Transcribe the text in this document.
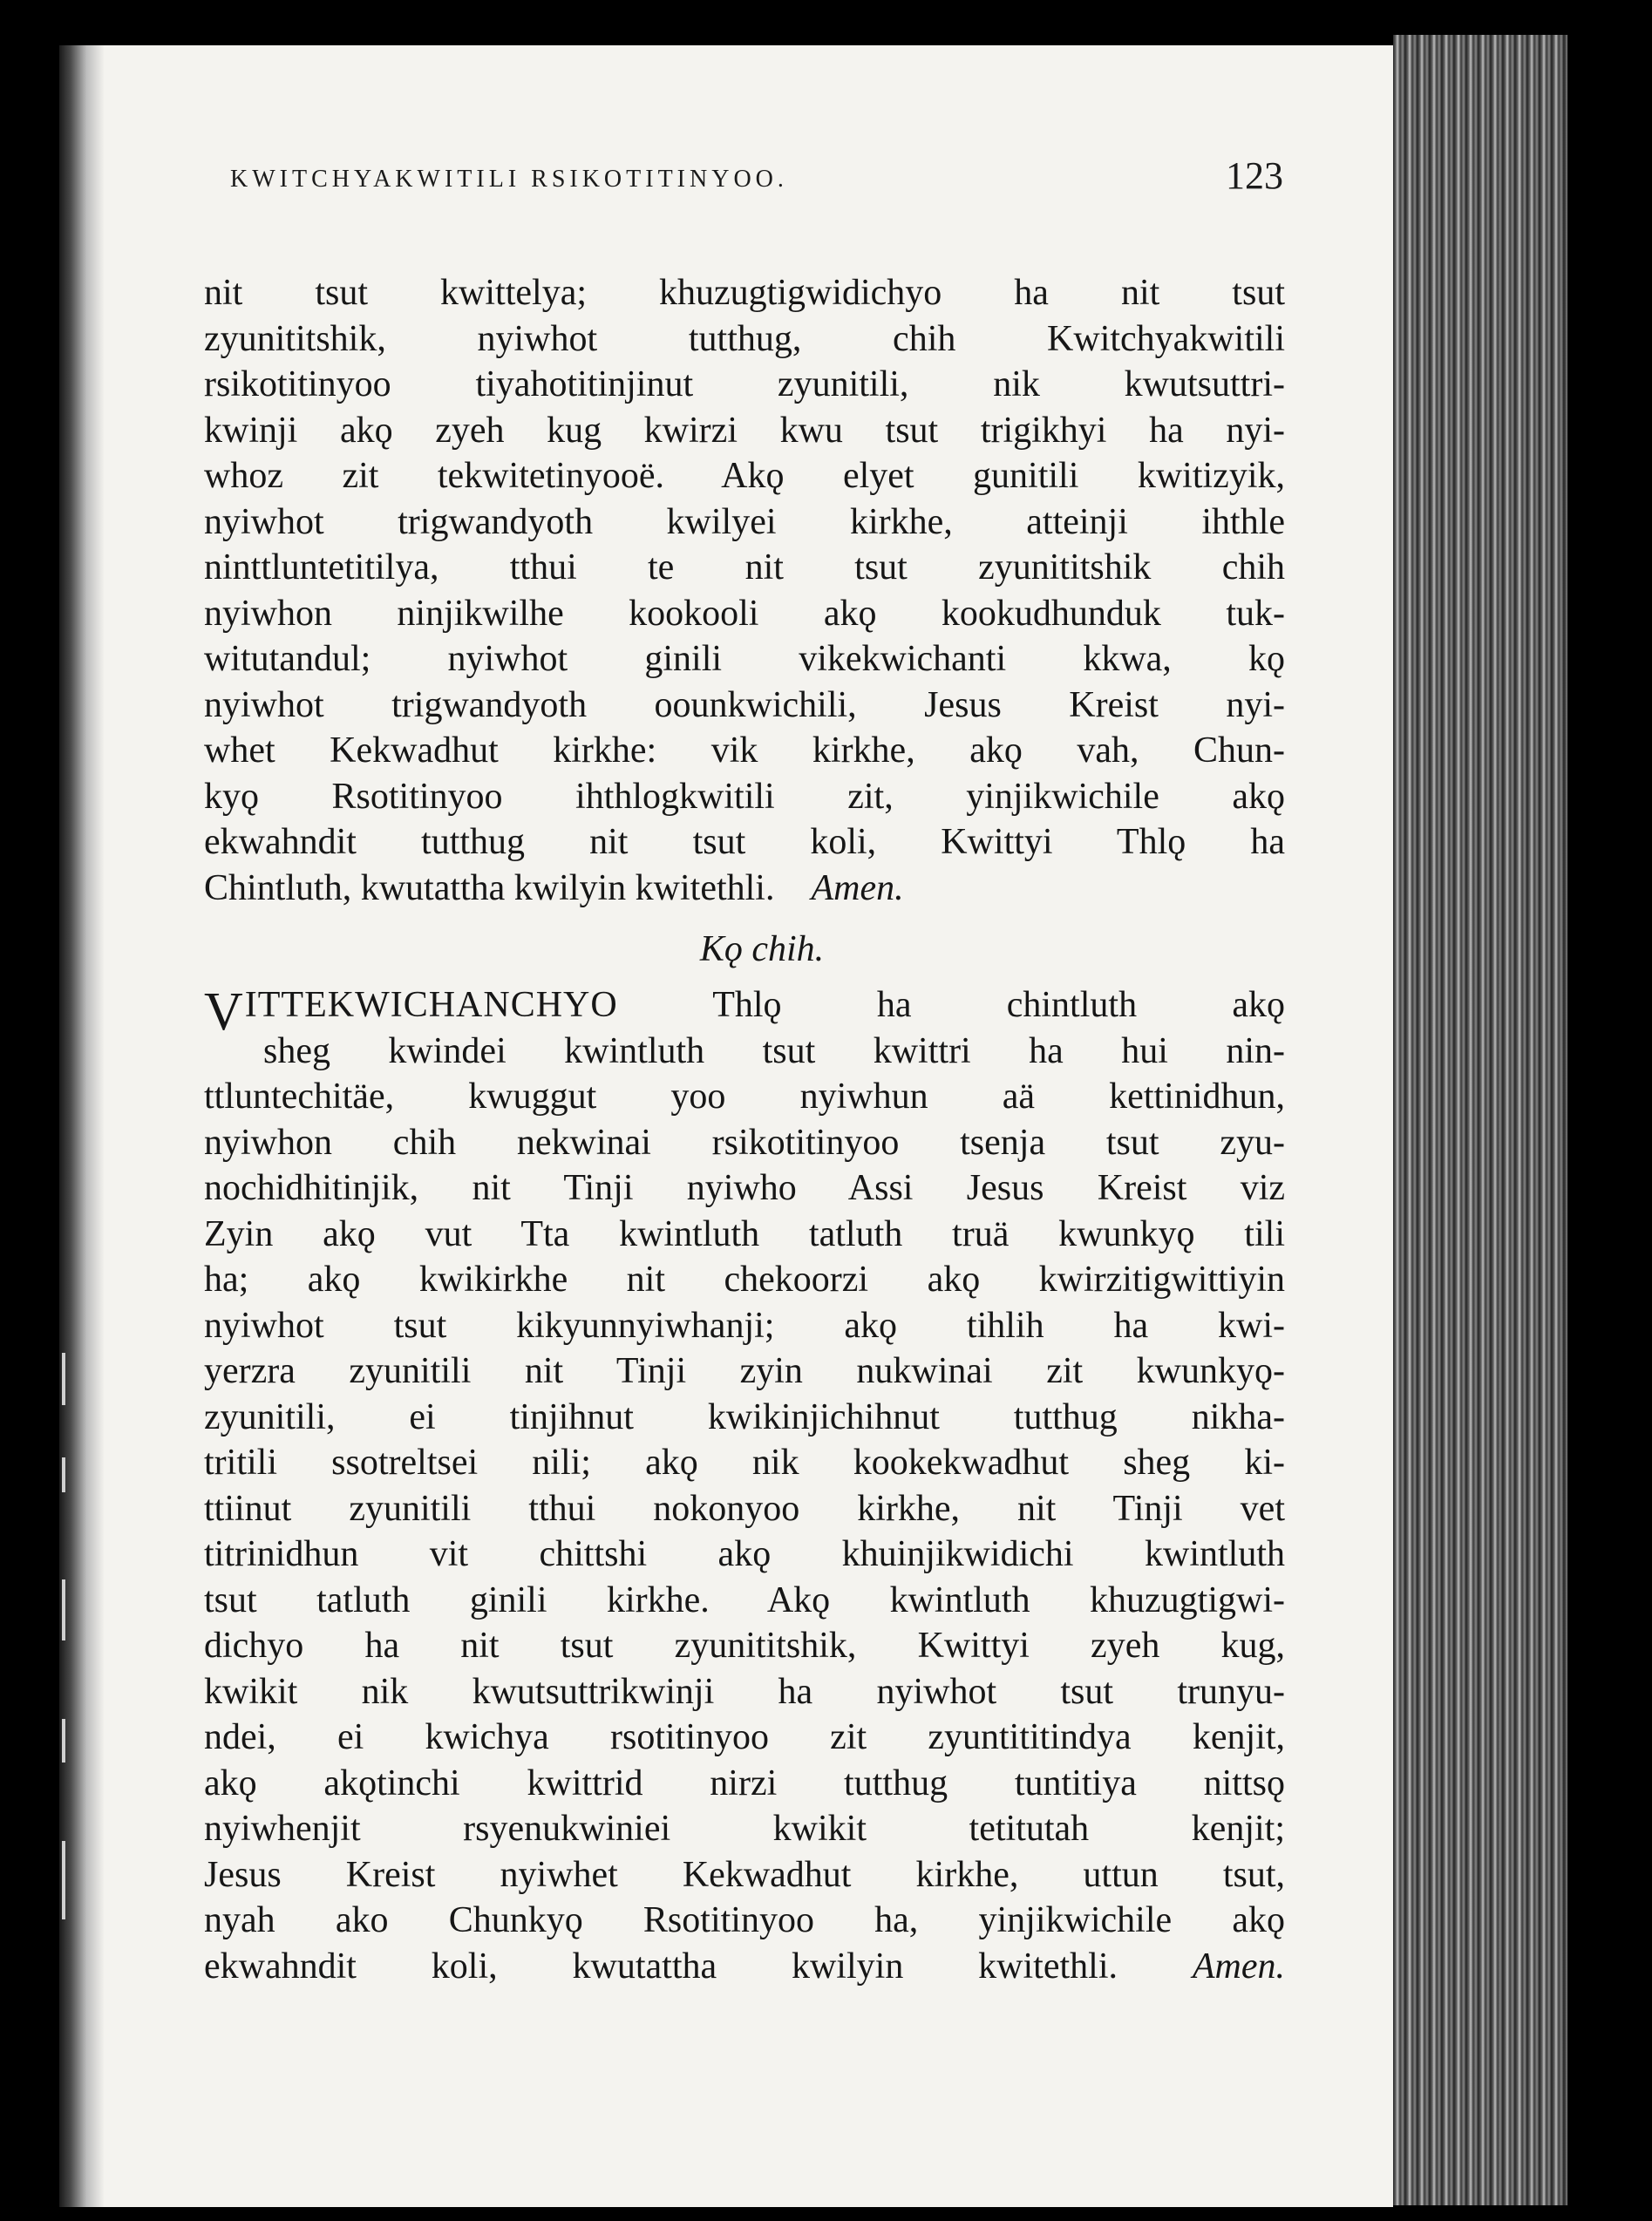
KWITCHYAKWITILI RSIKOTITINYOO.	123
nit tsut kwittelya; khuzugtigwidichyo ha nit tsut
zyunititshik, nyiwhot tutthug, chih Kwitchyakwitili
rsikotitinyoo tiyahotitinjinut zyunitili, nik kwutsuttri-
kwinji akǫ zyeh kug kwirzi kwu tsut trigikhyi ha nyi-
whoz zit tekwitetinyooë. Akǫ elyet gunitili kwitizyik,
nyiwhot trigwandyoth kwilyei kirkhe, atteinji ihthle
ninttluntetitilya, tthui te nit tsut zyunititshik chih
nyiwhon ninjikwilhe kookooli akǫ kookudhunduk tuk-
witutandul; nyiwhot ginili vikekwichanti kkwa, kǫ
nyiwhot trigwandyoth oounkwichili, Jesus Kreist nyi-
whet Kekwadhut kirkhe: vik kirkhe, akǫ vah, Chun-
kyǫ Rsotitinyoo ihthlogkwitili zit, yinjikwichile akǫ
ekwahndit tutthug nit tsut koli, Kwittyi Thlǫ ha
Chintluth, kwutattha kwilyin kwitethli. Amen.
Kǫ chih.
VITTEKWICHANCHYO	Thlǫ ha chintluth akǫ
sheg kwindei kwintluth tsut kwittri ha hui nin-
ttluntechitäe, kwuggut yoo nyiwhun aä kettinidhun,
nyiwhon chih nekwinai rsikotitinyoo tsenja tsut zyu-
nochidhitinjik, nit Tinji nyiwho Assi Jesus Kreist viz
Zyin akǫ vut Tta kwintluth tatluth truä kwunkyǫ tili
ha; akǫ kwikirkhe nit chekoorzi akǫ kwirzitigwittiyin
nyiwhot tsut kikyunnyiwhanji; akǫ tihlih ha kwi-
yerzra zyunitili nit Tinji zyin nukwinai zit kwunkyǫ-
zyunitili, ei tinjihnut kwikinjichihnut tutthug nikha-
tritili ssotreltsei nili; akǫ nik kookekwadhut sheg ki-
ttiinut zyunitili tthui nokonyoo kirkhe, nit Tinji vet
titrinidhun vit chittshi akǫ khuinjikwidichi kwintluth
tsut tatluth ginili kirkhe. Akǫ kwintluth khuzugtigwi-
dichyo ha nit tsut zyunititshik, Kwittyi zyeh kug,
kwikit nik kwutsuttrikwinji ha nyiwhot tsut trunyu-
ndei, ei kwichya rsotitinyoo zit zyuntititindya kenjit,
akǫ akǫtinchi kwittrid nirzi tutthug tuntitiya nittsǫ
nyiwhenjit rsyenukwiniei kwikit tetitutah kenjit;
Jesus Kreist nyiwhet Kekwadhut kirkhe, uttun tsut,
nyah ako Chunkyǫ Rsotitinyoo ha, yinjikwichile akǫ
ekwahndit koli, kwutattha kwilyin kwitethli. Amen.
